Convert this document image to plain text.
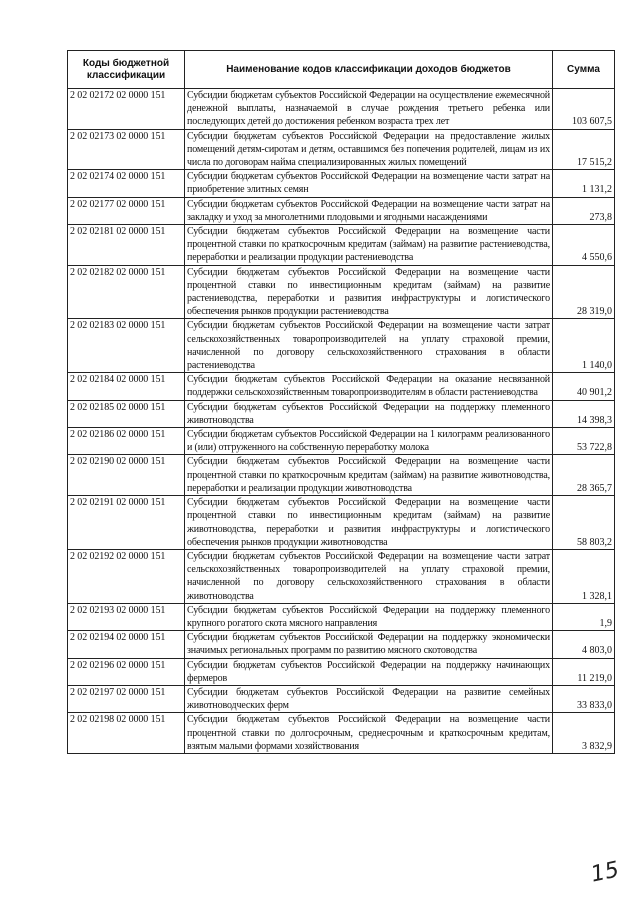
Коды бюджетной классификации	Наименование кодов классификации доходов бюджетов	Сумма
2 02 02172 02 0000 151	Субсидии бюджетам субъектов Российской Федерации на осуществление ежемесячной денежной выплаты, назначаемой в случае рождения третьего ребенка или последующих детей до достижения ребенком возраста трех лет	103 607,5
2 02 02173 02 0000 151	Субсидии бюджетам субъектов Российской Федерации на предоставление жилых помещений детям-сиротам и детям, оставшимся без попечения родителей, лицам из их числа по договорам найма специализированных жилых помещений	17 515,2
2 02 02174 02 0000 151	Субсидии бюджетам субъектов Российской Федерации на возмещение части затрат на приобретение элитных семян	1 131,2
2 02 02177 02 0000 151	Субсидии бюджетам субъектов Российской Федерации на возмещение части затрат на закладку и уход за многолетними плодовыми и ягодными насаждениями	273,8
2 02 02181 02 0000 151	Субсидии бюджетам субъектов Российской Федерации на возмещение части процентной ставки по краткосрочным кредитам (займам) на развитие растениеводства, переработки и реализации продукции растениеводства	4 550,6
2 02 02182 02 0000 151	Субсидии бюджетам субъектов Российской Федерации на возмещение части процентной ставки по инвестиционным кредитам (займам) на развитие растениеводства, переработки и развития инфраструктуры и логистического обеспечения рынков продукции растениеводства	28 319,0
2 02 02183 02 0000 151	Субсидии бюджетам субъектов Российской Федерации на возмещение части затрат сельскохозяйственных товаропроизводителей на уплату страховой премии, начисленной по договору сельскохозяйственного страхования в области растениеводства	1 140,0
2 02 02184 02 0000 151	Субсидии бюджетам субъектов Российской Федерации на оказание несвязанной поддержки сельскохозяйственным товаропроизводителям в области растениеводства	40 901,2
2 02 02185 02 0000 151	Субсидии бюджетам субъектов Российской Федерации на поддержку племенного животноводства	14 398,3
2 02 02186 02 0000 151	Субсидии бюджетам субъектов Российской Федерации на 1 килограмм реализованного и (или) отгруженного на собственную переработку молока	53 722,8
2 02 02190 02 0000 151	Субсидии бюджетам субъектов Российской Федерации на возмещение части процентной ставки по краткосрочным кредитам (займам) на развитие животноводства, переработки и реализации продукции животноводства	28 365,7
2 02 02191 02 0000 151	Субсидии бюджетам субъектов Российской Федерации на возмещение части процентной ставки по инвестиционным кредитам (займам) на развитие животноводства, переработки и развития инфраструктуры и логистического обеспечения рынков продукции животноводства	58 803,2
2 02 02192 02 0000 151	Субсидии бюджетам субъектов Российской Федерации на возмещение части затрат сельскохозяйственных товаропроизводителей на уплату страховой премии, начисленной по договору сельскохозяйственного страхования в области животноводства	1 328,1
2 02 02193 02 0000 151	Субсидии бюджетам субъектов Российской Федерации на поддержку племенного крупного рогатого скота мясного направления	1,9
2 02 02194 02 0000 151	Субсидии бюджетам субъектов Российской Федерации на поддержку экономически значимых региональных программ по развитию мясного скотоводства	4 803,0
2 02 02196 02 0000 151	Субсидии бюджетам субъектов Российской Федерации на поддержку начинающих фермеров	11 219,0
2 02 02197 02 0000 151	Субсидии бюджетам субъектов Российской Федерации на развитие семейных животноводческих ферм	33 833,0
2 02 02198 02 0000 151	Субсидии бюджетам субъектов Российской Федерации на возмещение части процентной ставки по долгосрочным, среднесрочным и краткосрочным кредитам, взятым малыми формами хозяйствования	3 832,9
15
